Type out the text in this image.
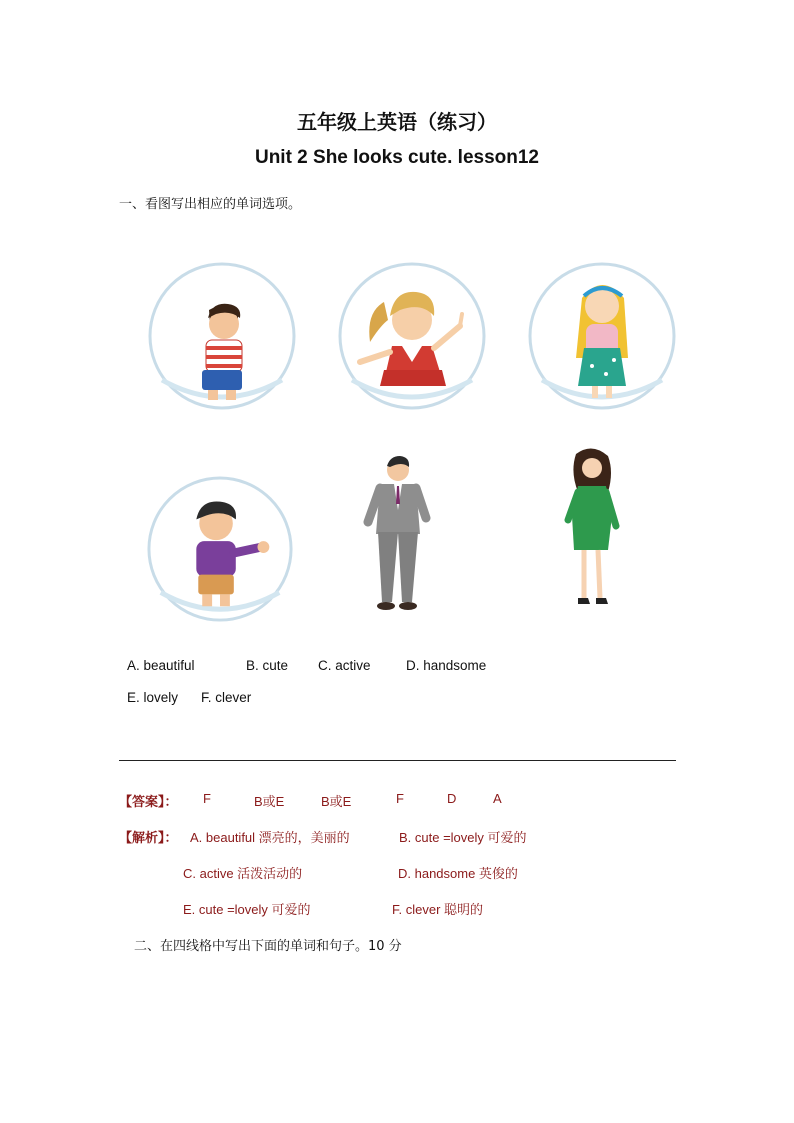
五年级上英语（练习）
Unit 2 She looks cute. lesson12
一、看图写出相应的单词选项。
A. beautiful	B. cute C. active	D. handsome
E. lovely F. clever
【答案】： F	B或E	B或E	F	D	A
【解析】： A. beautiful 漂亮的，美丽的	B. cute =lovely 可爱的
C. active 活泼活动的	D. handsome 英俊的
E. cute =lovely 可爱的	F. clever 聪明的
二、在四线格中写出下面的单词和句子。10 分
